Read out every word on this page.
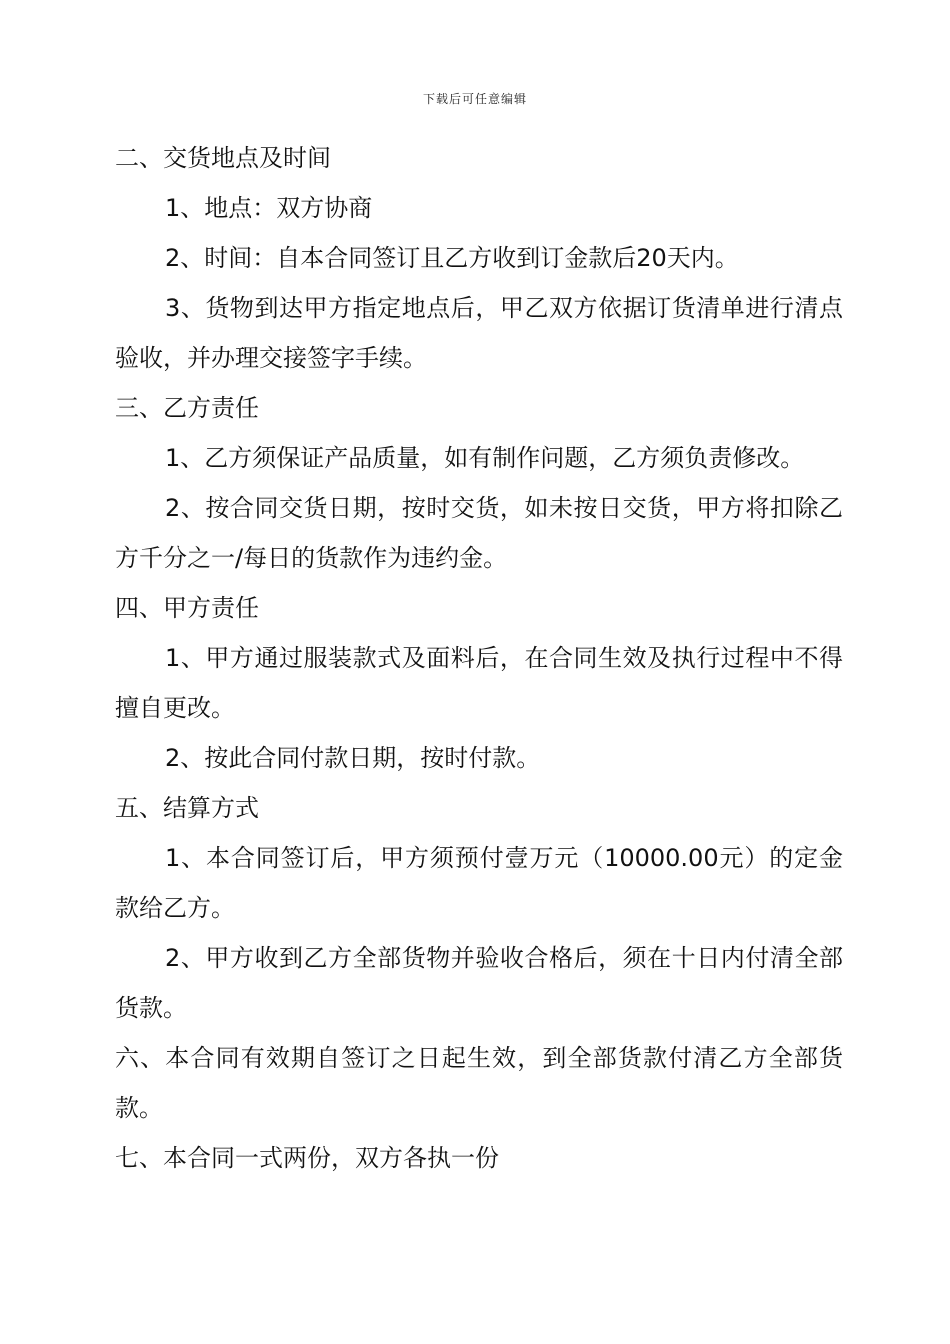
下载后可任意编辑

二、交货地点及时间

1、地点：双方协商

2、时间：自本合同签订且乙方收到订金款后20天内。

3、货物到达甲方指定地点后，甲乙双方依据订货清单进行清点验收，并办理交接签字手续。

三、乙方责任

1、乙方须保证产品质量，如有制作问题，乙方须负责修改。

2、按合同交货日期，按时交货，如未按日交货，甲方将扣除乙方千分之一/每日的货款作为违约金。

四、甲方责任

1、甲方通过服装款式及面料后，在合同生效及执行过程中不得擅自更改。

2、按此合同付款日期，按时付款。

五、结算方式

1、本合同签订后，甲方须预付壹万元（10000.00元）的定金款给乙方。

2、甲方收到乙方全部货物并验收合格后，须在十日内付清全部货款。

六、本合同有效期自签订之日起生效，到全部货款付清乙方全部货款。

七、本合同一式两份，双方各执一份
